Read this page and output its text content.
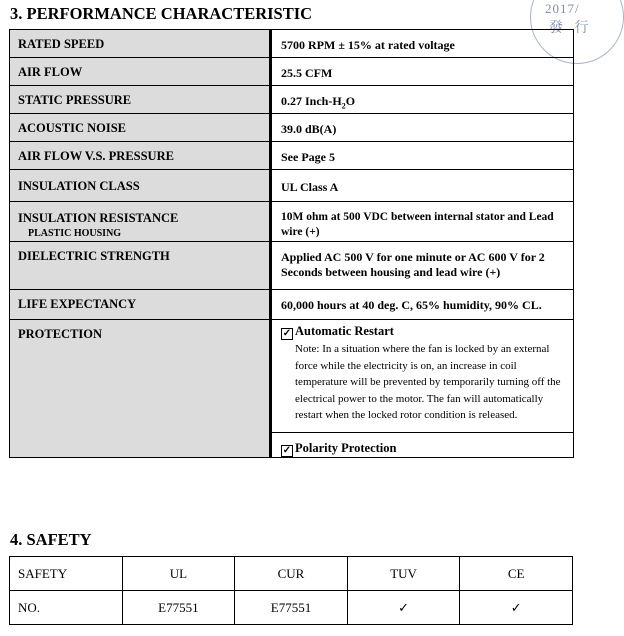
2017/
發 行
3. PERFORMANCE CHARACTERISTIC
RATED SPEED	5700 RPM ± 15% at rated voltage
AIR FLOW	25.5 CFM
STATIC PRESSURE	0.27 Inch-$H_2O$
ACOUSTIC NOISE	39.0 dB(A)
AIR FLOW V.S. PRESSURE	See Page 5
INSULATION CLASS	UL Class A
INSULATION RESISTANCE
PLASTIC HOUSING	10M ohm at 500 VDC between internal stator and Lead wire (+)
DIELECTRIC STRENGTH	Applied AC 500 V for one minute or AC 600 V for 2 Seconds between housing and lead wire (+)
LIFE EXPECTANCY	60,000 hours at 40 deg. C, 65% humidity, 90% CL.
PROTECTION	✓ Automatic Restart
Note: In a situation where the fan is locked by an external force while the electricity is on, an increase in coil temperature will be prevented by temporarily turning off the electrical power to the motor. The fan will automatically restart when the locked rotor condition is released.
✓ Polarity Protection
4. SAFETY
SAFETY	UL	CUR	TUV	CE
NO.	E77551	E77551	✓	✓
